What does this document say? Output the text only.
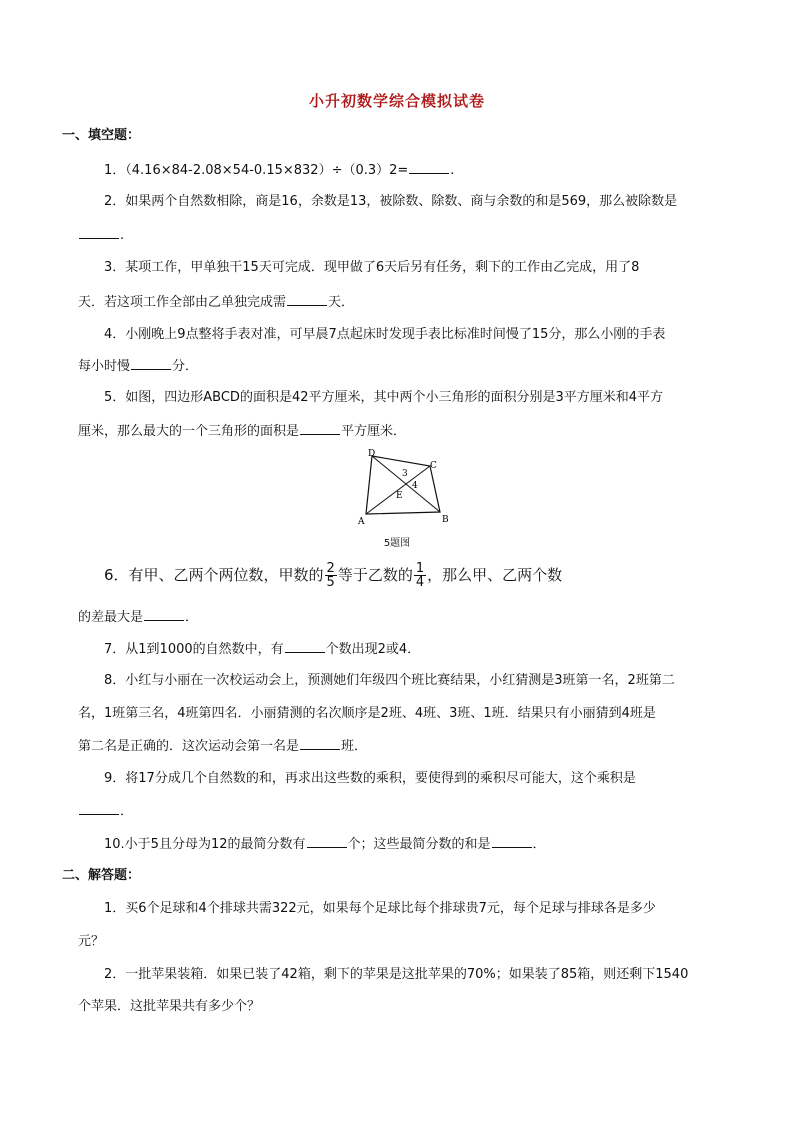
小升初数学综合模拟试卷
一、填空题：
1．（4.16×84-2.08×54-0.15×832）÷（0.3）2=	.
2．如果两个自然数相除，商是16，余数是13，被除数、除数、商与余数的和是569，那么被除数是
.
3．某项工作，甲单独干15天可完成．现甲做了6天后另有任务，剩下的工作由乙完成，用了8
天．若这项工作全部由乙单独完成需	天．
4．小刚晚上9点整将手表对准，可早晨7点起床时发现手表比标准时间慢了15分，那么小刚的手表
每小时慢	分．
5．如图，四边形ABCD的面积是42平方厘米，其中两个小三角形的面积分别是3平方厘米和4平方
厘米，那么最大的一个三角形的面积是	平方厘米．
D
C
A	B
E
3
4
5题图
6．有甲、乙两个两位数，甲数的 $\frac{2}{5}$ 等于乙数的 $\frac{1}{4}$ ，那么甲、乙两个数
的差最大是	．
7．从1到1000的自然数中，有	个数出现2或4．
8．小红与小丽在一次校运动会上，预测她们年级四个班比赛结果，小红猜测是3班第一名，2班第二
名，1班第三名，4班第四名．小丽猜测的名次顺序是2班、4班、3班、1班．结果只有小丽猜到4班是
第二名是正确的．这次运动会第一名是	班．
9．将17分成几个自然数的和，再求出这些数的乘积，要使得到的乘积尽可能大，这个乘积是
．
10.小于5且分母为12的最简分数有	个；这些最简分数的和是	．
二、解答题：
1．买6个足球和4个排球共需322元，如果每个足球比每个排球贵7元，每个足球与排球各是多少
元？
2．一批苹果装箱．如果已装了42箱，剩下的苹果是这批苹果的70%；如果装了85箱，则还剩下1540
个苹果．这批苹果共有多少个？
